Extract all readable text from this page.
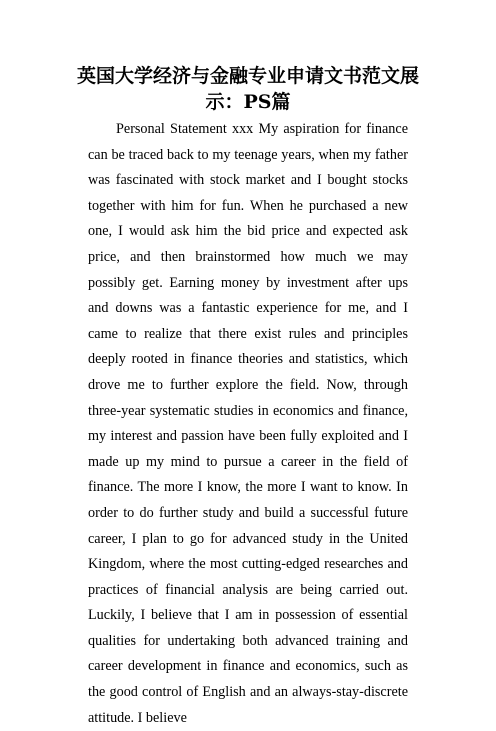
英国大学经济与金融专业申请文书范文展
示：PS篇

Personal Statement xxx My aspiration for finance can be traced back to my teenage years, when my father was fascinated with stock market and I bought stocks together with him for fun. When he purchased a new one, I would ask him the bid price and expected ask price, and then brainstormed how much we may possibly get. Earning money by investment after ups and downs was a fantastic experience for me, and I came to realize that there exist rules and principles deeply rooted in finance theories and statistics, which drove me to further explore the field. Now, through three-year systematic studies in economics and finance, my interest and passion have been fully exploited and I made up my mind to pursue a career in the field of finance. The more I know, the more I want to know. In order to do further study and build a successful future career, I plan to go for advanced study in the United Kingdom, where the most cutting-edged researches and practices of financial analysis are being carried out. Luckily, I believe that I am in possession of essential qualities for undertaking both advanced training and career development in finance and economics, such as the good control of English and an always-stay-discrete attitude. I believe
